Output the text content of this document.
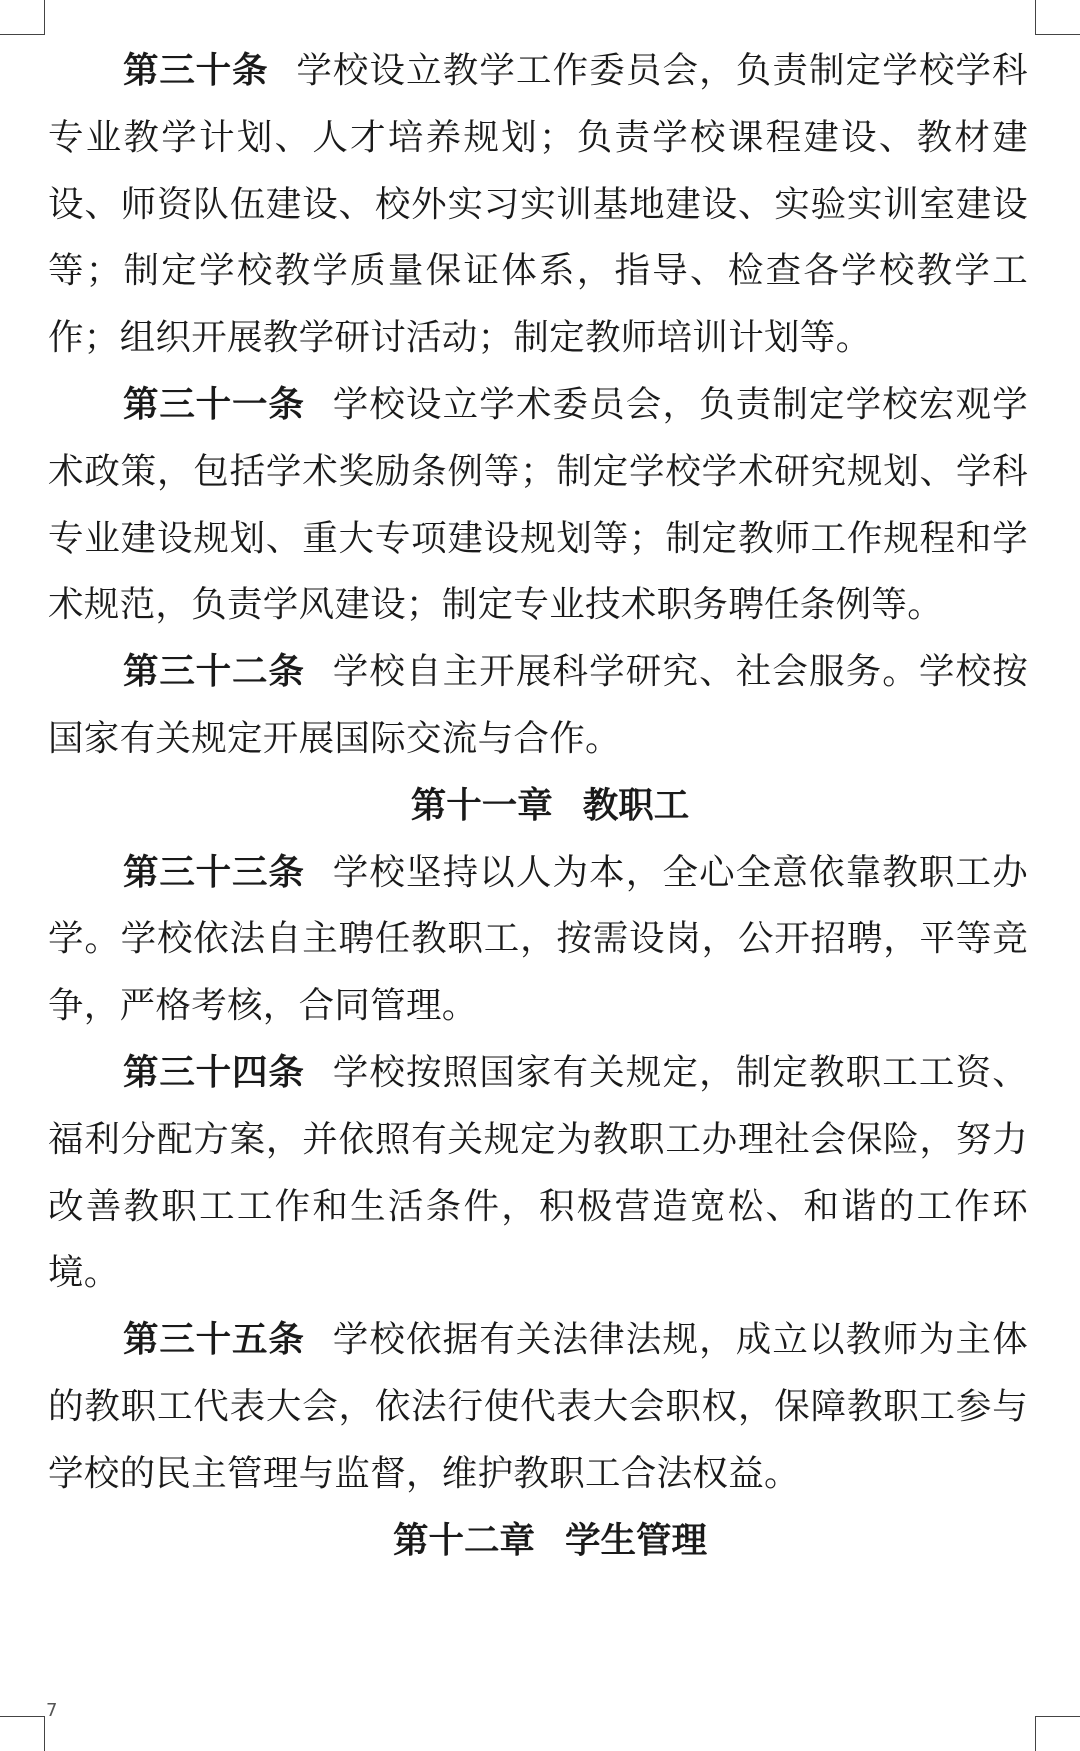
第三十条 学校设立教学工作委员会，负责制定学校学科专业教学计划、人才培养规划；负责学校课程建设、教材建设、师资队伍建设、校外实习实训基地建设、实验实训室建设等；制定学校教学质量保证体系，指导、检查各学校教学工作；组织开展教学研讨活动；制定教师培训计划等。

第三十一条 学校设立学术委员会，负责制定学校宏观学术政策，包括学术奖励条例等；制定学校学术研究规划、学科专业建设规划、重大专项建设规划等；制定教师工作规程和学术规范，负责学风建设；制定专业技术职务聘任条例等。

第三十二条 学校自主开展科学研究、社会服务。学校按国家有关规定开展国际交流与合作。

第十一章 教职工

第三十三条 学校坚持以人为本，全心全意依靠教职工办学。学校依法自主聘任教职工，按需设岗，公开招聘，平等竞争，严格考核，合同管理。

第三十四条 学校按照国家有关规定，制定教职工工资、福利分配方案，并依照有关规定为教职工办理社会保险，努力改善教职工工作和生活条件，积极营造宽松、和谐的工作环境。

第三十五条 学校依据有关法律法规，成立以教师为主体的教职工代表大会，依法行使代表大会职权，保障教职工参与学校的民主管理与监督，维护教职工合法权益。

第十二章 学生管理
7
